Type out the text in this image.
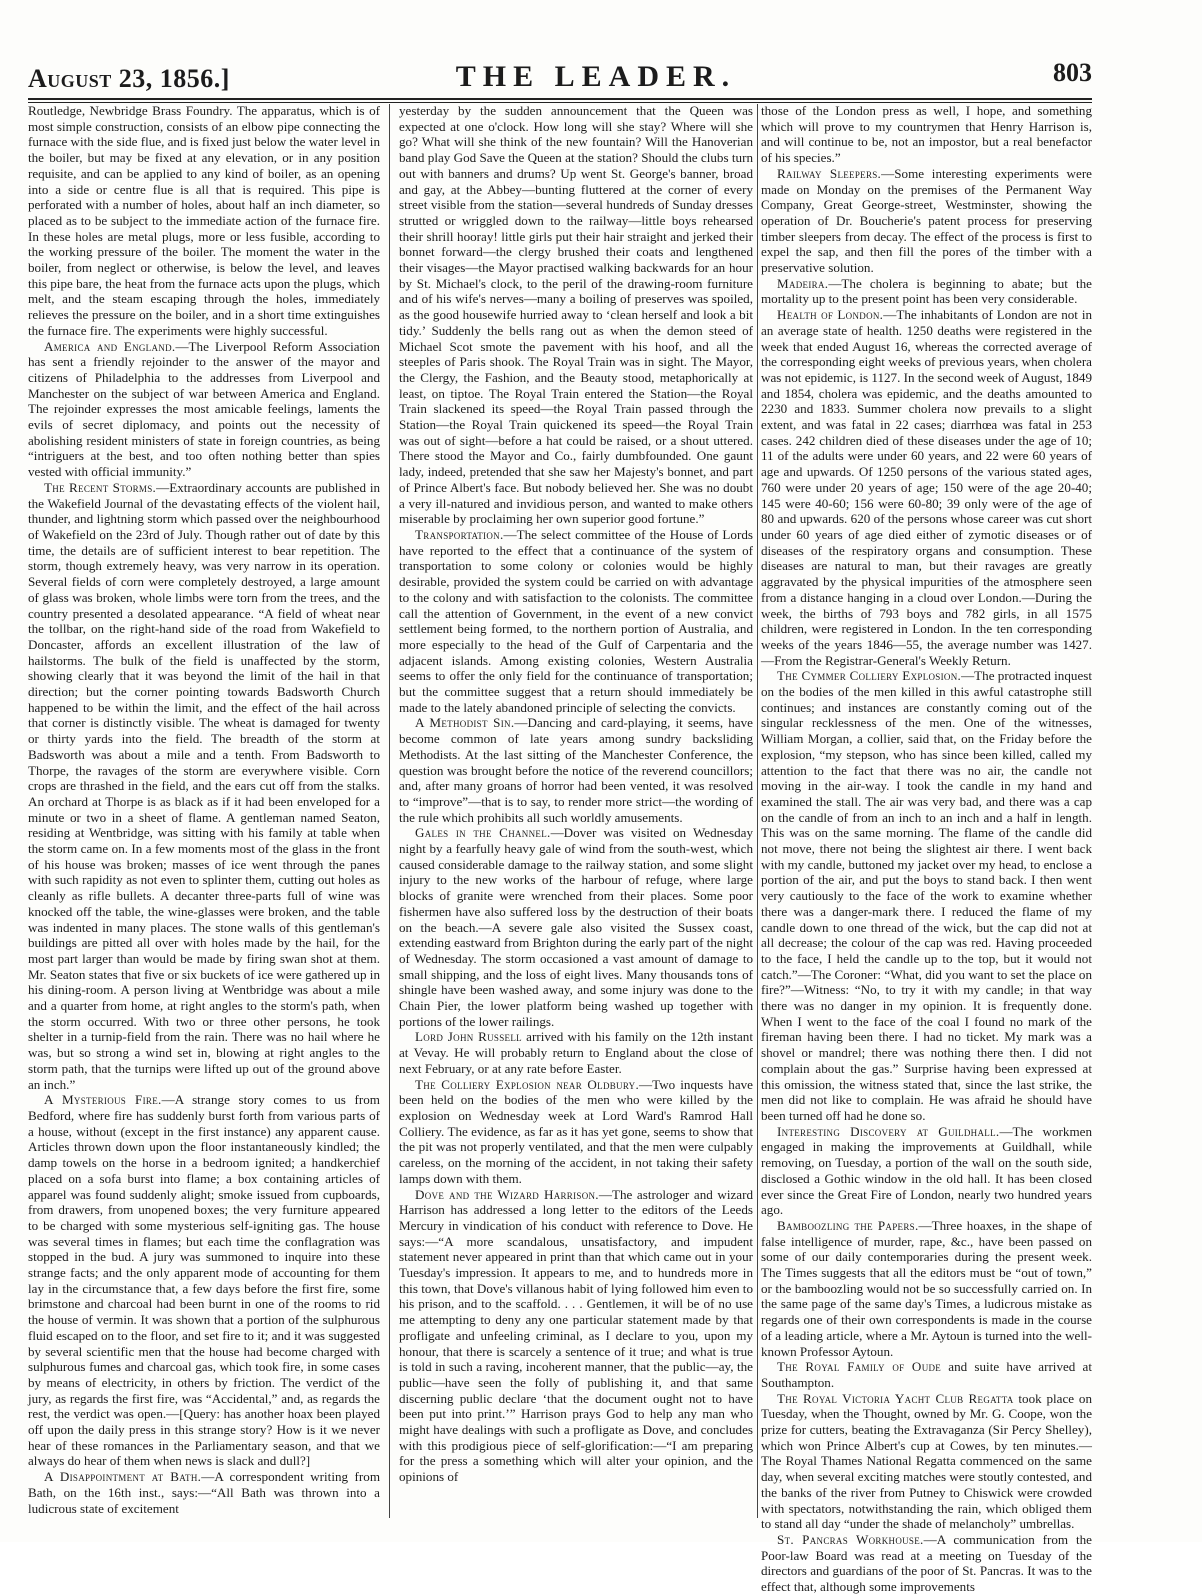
August 23, 1856.]	THE LEADER.	803

Routledge, Newbridge Brass Foundry. The apparatus, which is of most simple construction, consists of an elbow pipe connecting the furnace with the side flue, and is fixed just below the water level in the boiler, but may be fixed at any elevation, or in any position requisite, and can be applied to any kind of boiler, as an opening into a side or centre flue is all that is required. This pipe is perforated with a number of holes, about half an inch diameter, so placed as to be subject to the immediate action of the furnace fire. In these holes are metal plugs, more or less fusible, according to the working pressure of the boiler. The moment the water in the boiler, from neglect or otherwise, is below the level, and leaves this pipe bare, the heat from the furnace acts upon the plugs, which melt, and the steam escaping through the holes, immediately relieves the pressure on the boiler, and in a short time extinguishes the furnace fire. The experiments were highly successful.

America and England.—The Liverpool Reform Association has sent a friendly rejoinder to the answer of the mayor and citizens of Philadelphia to the addresses from Liverpool and Manchester on the subject of war between America and England. The rejoinder expresses the most amicable feelings, laments the evils of secret diplomacy, and points out the necessity of abolishing resident ministers of state in foreign countries, as being “intriguers at the best, and too often nothing better than spies vested with official immunity.”

The Recent Storms.—Extraordinary accounts are published in the Wakefield Journal of the devastating effects of the violent hail, thunder, and lightning storm which passed over the neighbourhood of Wakefield on the 23rd of July. Though rather out of date by this time, the details are of sufficient interest to bear repetition. The storm, though extremely heavy, was very narrow in its operation. Several fields of corn were completely destroyed, a large amount of glass was broken, whole limbs were torn from the trees, and the country presented a desolated appearance. “A field of wheat near the tollbar, on the right-hand side of the road from Wakefield to Doncaster, affords an excellent illustration of the law of hailstorms. The bulk of the field is unaffected by the storm, showing clearly that it was beyond the limit of the hail in that direction; but the corner pointing towards Badsworth Church happened to be within the limit, and the effect of the hail across that corner is distinctly visible. The wheat is damaged for twenty or thirty yards into the field. The breadth of the storm at Badsworth was about a mile and a tenth. From Badsworth to Thorpe, the ravages of the storm are everywhere visible. Corn crops are thrashed in the field, and the ears cut off from the stalks. An orchard at Thorpe is as black as if it had been enveloped for a minute or two in a sheet of flame. A gentleman named Seaton, residing at Wentbridge, was sitting with his family at table when the storm came on. In a few moments most of the glass in the front of his house was broken; masses of ice went through the panes with such rapidity as not even to splinter them, cutting out holes as cleanly as rifle bullets. A decanter three-parts full of wine was knocked off the table, the wine-glasses were broken, and the table was indented in many places. The stone walls of this gentleman's buildings are pitted all over with holes made by the hail, for the most part larger than would be made by firing swan shot at them. Mr. Seaton states that five or six buckets of ice were gathered up in his dining-room. A person living at Wentbridge was about a mile and a quarter from home, at right angles to the storm's path, when the storm occurred. With two or three other persons, he took shelter in a turnip-field from the rain. There was no hail where he was, but so strong a wind set in, blowing at right angles to the storm path, that the turnips were lifted up out of the ground above an inch.”

A Mysterious Fire.—A strange story comes to us from Bedford, where fire has suddenly burst forth from various parts of a house, without (except in the first instance) any apparent cause. Articles thrown down upon the floor instantaneously kindled; the damp towels on the horse in a bedroom ignited; a handkerchief placed on a sofa burst into flame; a box containing articles of apparel was found suddenly alight; smoke issued from cupboards, from drawers, from unopened boxes; the very furniture appeared to be charged with some mysterious self-igniting gas. The house was several times in flames; but each time the conflagration was stopped in the bud. A jury was summoned to inquire into these strange facts; and the only apparent mode of accounting for them lay in the circumstance that, a few days before the first fire, some brimstone and charcoal had been burnt in one of the rooms to rid the house of vermin. It was shown that a portion of the sulphurous fluid escaped on to the floor, and set fire to it; and it was suggested by several scientific men that the house had become charged with sulphurous fumes and charcoal gas, which took fire, in some cases by means of electricity, in others by friction. The verdict of the jury, as regards the first fire, was “Accidental,” and, as regards the rest, the verdict was open.—[Query: has another hoax been played off upon the daily press in this strange story? How is it we never hear of these romances in the Parliamentary season, and that we always do hear of them when news is slack and dull?]

A Disappointment at Bath.—A correspondent writing from Bath, on the 16th inst., says:—“All Bath was thrown into a ludicrous state of excitement

yesterday by the sudden announcement that the Queen was expected at one o'clock. How long will she stay? Where will she go? What will she think of the new fountain? Will the Hanoverian band play God Save the Queen at the station? Should the clubs turn out with banners and drums? Up went St. George's banner, broad and gay, at the Abbey—bunting fluttered at the corner of every street visible from the station—several hundreds of Sunday dresses strutted or wriggled down to the railway—little boys rehearsed their shrill hooray! little girls put their hair straight and jerked their bonnet forward—the clergy brushed their coats and lengthened their visages—the Mayor practised walking backwards for an hour by St. Michael's clock, to the peril of the drawing-room furniture and of his wife's nerves—many a boiling of preserves was spoiled, as the good housewife hurried away to ‘clean herself and look a bit tidy.’ Suddenly the bells rang out as when the demon steed of Michael Scot smote the pavement with his hoof, and all the steeples of Paris shook. The Royal Train was in sight. The Mayor, the Clergy, the Fashion, and the Beauty stood, metaphorically at least, on tiptoe. The Royal Train entered the Station—the Royal Train slackened its speed—the Royal Train passed through the Station—the Royal Train quickened its speed—the Royal Train was out of sight—before a hat could be raised, or a shout uttered. There stood the Mayor and Co., fairly dumbfounded. One gaunt lady, indeed, pretended that she saw her Majesty's bonnet, and part of Prince Albert's face. But nobody believed her. She was no doubt a very ill-natured and invidious person, and wanted to make others miserable by proclaiming her own superior good fortune.”

Transportation.—The select committee of the House of Lords have reported to the effect that a continuance of the system of transportation to some colony or colonies would be highly desirable, provided the system could be carried on with advantage to the colony and with satisfaction to the colonists. The committee call the attention of Government, in the event of a new convict settlement being formed, to the northern portion of Australia, and more especially to the head of the Gulf of Carpentaria and the adjacent islands. Among existing colonies, Western Australia seems to offer the only field for the continuance of transportation; but the committee suggest that a return should immediately be made to the lately abandoned principle of selecting the convicts.

A Methodist Sin.—Dancing and card-playing, it seems, have become common of late years among sundry backsliding Methodists. At the last sitting of the Manchester Conference, the question was brought before the notice of the reverend councillors; and, after many groans of horror had been vented, it was resolved to “improve”—that is to say, to render more strict—the wording of the rule which prohibits all such worldly amusements.

Gales in the Channel.—Dover was visited on Wednesday night by a fearfully heavy gale of wind from the south-west, which caused considerable damage to the railway station, and some slight injury to the new works of the harbour of refuge, where large blocks of granite were wrenched from their places. Some poor fishermen have also suffered loss by the destruction of their boats on the beach.—A severe gale also visited the Sussex coast, extending eastward from Brighton during the early part of the night of Wednesday. The storm occasioned a vast amount of damage to small shipping, and the loss of eight lives. Many thousands tons of shingle have been washed away, and some injury was done to the Chain Pier, the lower platform being washed up together with portions of the lower railings.

Lord John Russell arrived with his family on the 12th instant at Vevay. He will probably return to England about the close of next February, or at any rate before Easter.

The Colliery Explosion near Oldbury.—Two inquests have been held on the bodies of the men who were killed by the explosion on Wednesday week at Lord Ward's Ramrod Hall Colliery. The evidence, as far as it has yet gone, seems to show that the pit was not properly ventilated, and that the men were culpably careless, on the morning of the accident, in not taking their safety lamps down with them.

Dove and the Wizard Harrison.—The astrologer and wizard Harrison has addressed a long letter to the editors of the Leeds Mercury in vindication of his conduct with reference to Dove. He says:—“A more scandalous, unsatisfactory, and impudent statement never appeared in print than that which came out in your Tuesday's impression. It appears to me, and to hundreds more in this town, that Dove's villanous habit of lying followed him even to his prison, and to the scaffold. . . . Gentlemen, it will be of no use me attempting to deny any one particular statement made by that profligate and unfeeling criminal, as I declare to you, upon my honour, that there is scarcely a sentence of it true; and what is true is told in such a raving, incoherent manner, that the public—ay, the public—have seen the folly of publishing it, and that same discerning public declare ‘that the document ought not to have been put into print.’” Harrison prays God to help any man who might have dealings with such a profligate as Dove, and concludes with this prodigious piece of self-glorification:—“I am preparing for the press a something which will alter your opinion, and the opinions of

those of the London press as well, I hope, and something which will prove to my countrymen that Henry Harrison is, and will continue to be, not an impostor, but a real benefactor of his species.”

Railway Sleepers.—Some interesting experiments were made on Monday on the premises of the Permanent Way Company, Great George-street, Westminster, showing the operation of Dr. Boucherie's patent process for preserving timber sleepers from decay. The effect of the process is first to expel the sap, and then fill the pores of the timber with a preservative solution.

Madeira.—The cholera is beginning to abate; but the mortality up to the present point has been very considerable.

Health of London.—The inhabitants of London are not in an average state of health. 1250 deaths were registered in the week that ended August 16, whereas the corrected average of the corresponding eight weeks of previous years, when cholera was not epidemic, is 1127. In the second week of August, 1849 and 1854, cholera was epidemic, and the deaths amounted to 2230 and 1833. Summer cholera now prevails to a slight extent, and was fatal in 22 cases; diarrhœa was fatal in 253 cases. 242 children died of these diseases under the age of 10; 11 of the adults were under 60 years, and 22 were 60 years of age and upwards. Of 1250 persons of the various stated ages, 760 were under 20 years of age; 150 were of the age 20-40; 145 were 40-60; 156 were 60-80; 39 only were of the age of 80 and upwards. 620 of the persons whose career was cut short under 60 years of age died either of zymotic diseases or of diseases of the respiratory organs and consumption. These diseases are natural to man, but their ravages are greatly aggravated by the physical impurities of the atmosphere seen from a distance hanging in a cloud over London.—During the week, the births of 793 boys and 782 girls, in all 1575 children, were registered in London. In the ten corresponding weeks of the years 1846—55, the average number was 1427.—From the Registrar-General's Weekly Return.

The Cymmer Colliery Explosion.—The protracted inquest on the bodies of the men killed in this awful catastrophe still continues; and instances are constantly coming out of the singular recklessness of the men. One of the witnesses, William Morgan, a collier, said that, on the Friday before the explosion, “my stepson, who has since been killed, called my attention to the fact that there was no air, the candle not moving in the air-way. I took the candle in my hand and examined the stall. The air was very bad, and there was a cap on the candle of from an inch to an inch and a half in length. This was on the same morning. The flame of the candle did not move, there not being the slightest air there. I went back with my candle, buttoned my jacket over my head, to enclose a portion of the air, and put the boys to stand back. I then went very cautiously to the face of the work to examine whether there was a danger-mark there. I reduced the flame of my candle down to one thread of the wick, but the cap did not at all decrease; the colour of the cap was red. Having proceeded to the face, I held the candle up to the top, but it would not catch.”—The Coroner: “What, did you want to set the place on fire?”—Witness: “No, to try it with my candle; in that way there was no danger in my opinion. It is frequently done. When I went to the face of the coal I found no mark of the fireman having been there. I had no ticket. My mark was a shovel or mandrel; there was nothing there then. I did not complain about the gas.” Surprise having been expressed at this omission, the witness stated that, since the last strike, the men did not like to complain. He was afraid he should have been turned off had he done so.

Interesting Discovery at Guildhall.—The workmen engaged in making the improvements at Guildhall, while removing, on Tuesday, a portion of the wall on the south side, disclosed a Gothic window in the old hall. It has been closed ever since the Great Fire of London, nearly two hundred years ago.

Bamboozling the Papers.—Three hoaxes, in the shape of false intelligence of murder, rape, &c., have been passed on some of our daily contemporaries during the present week. The Times suggests that all the editors must be “out of town,” or the bamboozling would not be so successfully carried on. In the same page of the same day's Times, a ludicrous mistake as regards one of their own correspondents is made in the course of a leading article, where a Mr. Aytoun is turned into the well-known Professor Aytoun.

The Royal Family of Oude and suite have arrived at Southampton.

The Royal Victoria Yacht Club Regatta took place on Tuesday, when the Thought, owned by Mr. G. Coope, won the prize for cutters, beating the Extravaganza (Sir Percy Shelley), which won Prince Albert's cup at Cowes, by ten minutes.—The Royal Thames National Regatta commenced on the same day, when several exciting matches were stoutly contested, and the banks of the river from Putney to Chiswick were crowded with spectators, notwithstanding the rain, which obliged them to stand all day “under the shade of melancholy” umbrellas.

St. Pancras Workhouse.—A communication from the Poor-law Board was read at a meeting on Tuesday of the directors and guardians of the poor of St. Pancras. It was to the effect that, although some improvements
